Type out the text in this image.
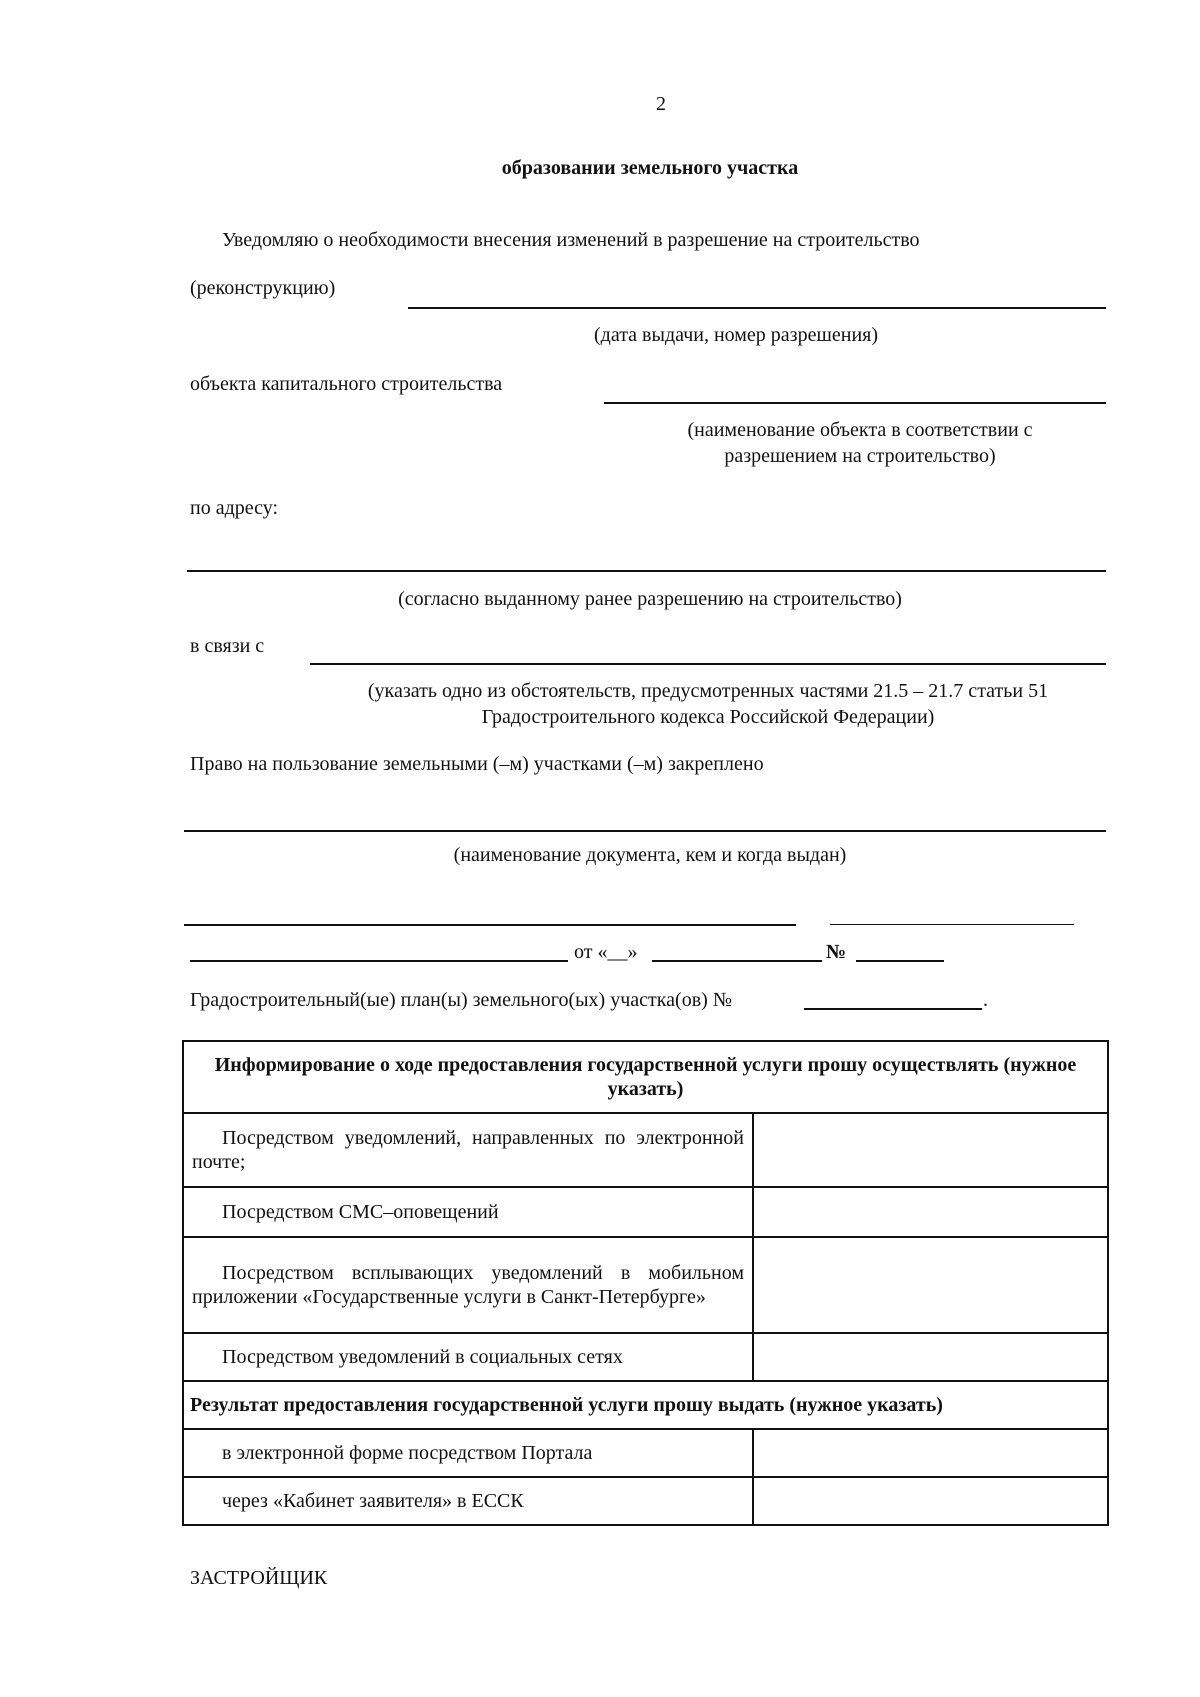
2
образовании земельного участка
Уведомляю о необходимости внесения изменений в разрешение на строительство
(реконструкцию)
(дата выдачи, номер разрешения)
объекта капитального строительства
(наименование объекта в соответствии с
разрешением на строительство)
по адресу:
(согласно выданному ранее разрешению на строительство)
в связи с
(указать одно из обстоятельств, предусмотренных частями 21.5 – 21.7 статьи 51
Градостроительного кодекса Российской Федерации)
Право на пользование земельными (–м) участками (–м) закреплено
(наименование документа, кем и когда выдан)
от «__»	№
Градостроительный(ые) план(ы) земельного(ых) участка(ов) №	.
Информирование о ходе предоставления государственной услуги прошу осуществлять (нужное указать)	
Посредством уведомлений, направленных по электронной почте;	
Посредством СМС–оповещений	
Посредством всплывающих уведомлений в мобильном приложении «Государственные услуги в Санкт-Петербурге»	
Посредством уведомлений в социальных сетях	
Результат предоставления государственной услуги прошу выдать (нужное указать)	
в электронной форме посредством Портала	
через «Кабинет заявителя» в ЕССК	
ЗАСТРОЙЩИК
